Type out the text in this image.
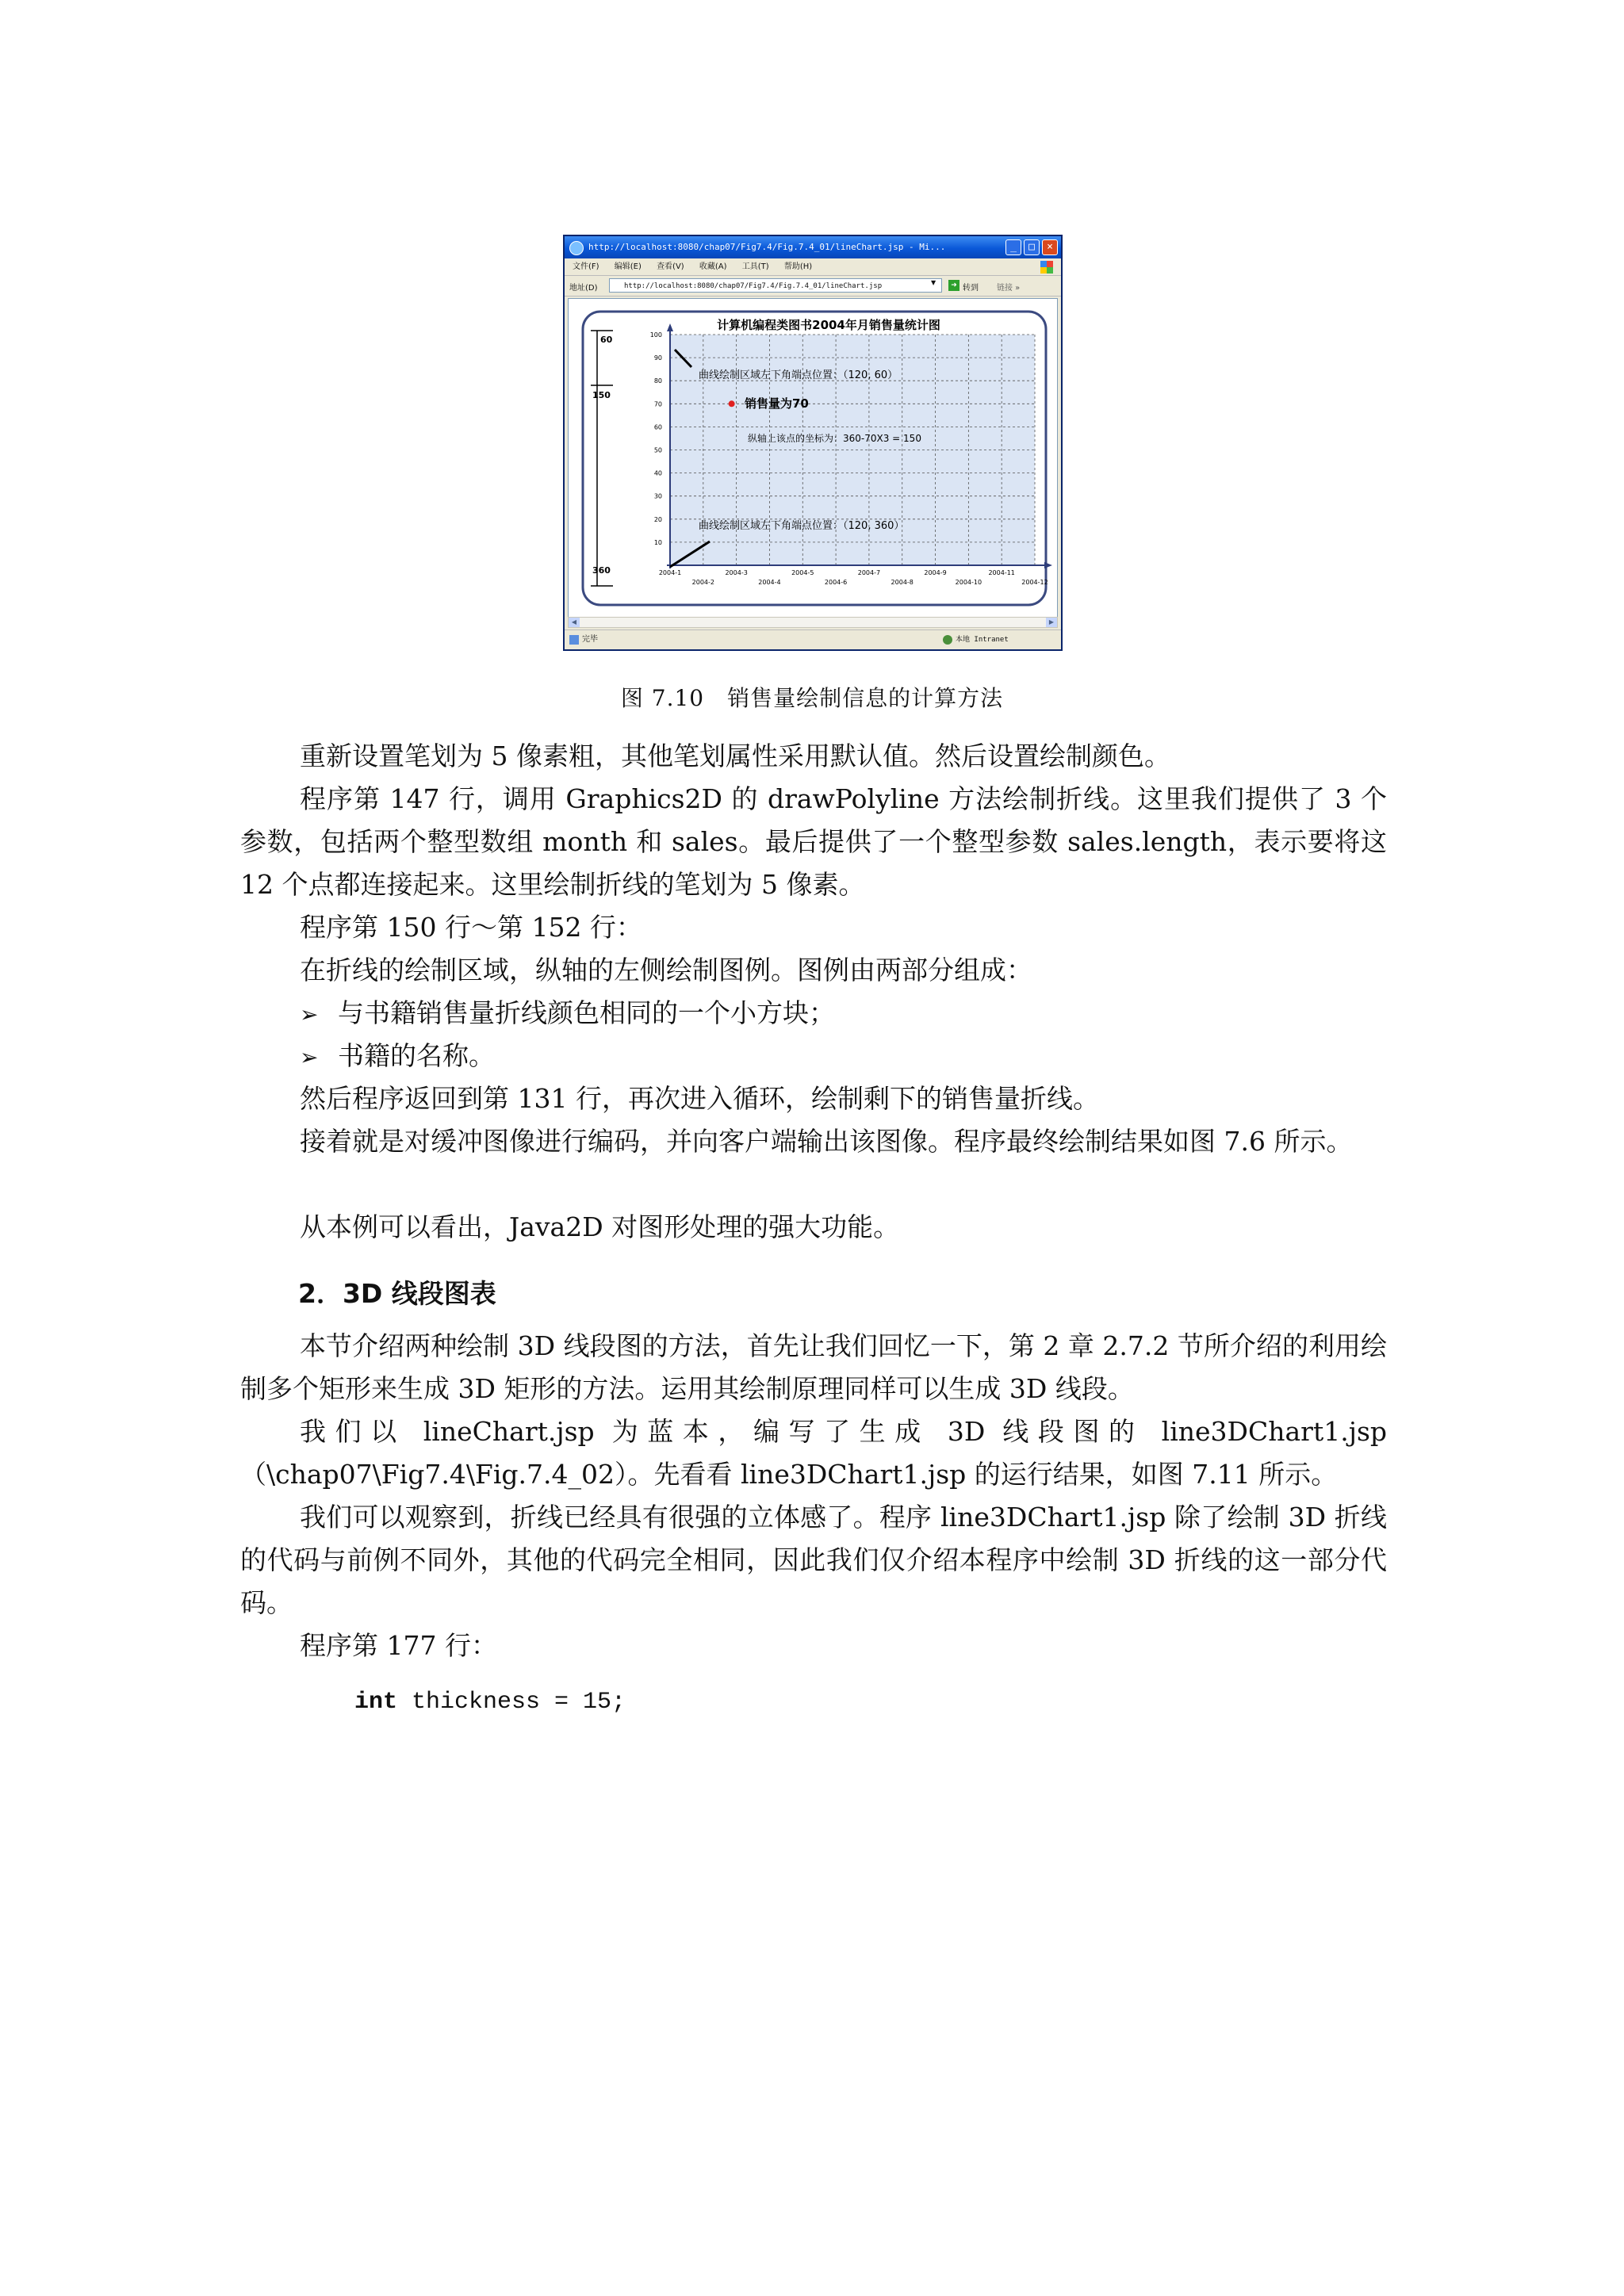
http://localhost:8080/chap07/Fig7.4/Fig.7.4_01/lineChart.jsp - Mi...	_	□	×
文件(F) 编辑(E) 查看(V) 收藏(A) 工具(T) 帮助(H)
地址(D)	http://localhost:8080/chap07/Fig7.4/Fig.7.4_01/lineChart.jsp	▼	➜ 转到 链接 »
100
90
80
70
60
50
40
30
20
10
2004-1
2004-2
2004-3
2004-4
2004-5
2004-6
2004-7
2004-8
2004-9
2004-10
2004-11
2004-12
计算机编程类图书2004年月销售量统计图
60
150
360
曲线绘制区域左下角端点位置：（120, 60）
销售量为70
纵轴上该点的坐标为：360-70X3 = 150
曲线绘制区域左下角端点位置：（120, 360）
◀	▶
完毕	本地 Intranet
图 7.10　销售量绘制信息的计算方法

重新设置笔划为 5 像素粗，其他笔划属性采用默认值。然后设置绘制颜色。

程序第 147 行，调用 Graphics2D 的 drawPolyline 方法绘制折线。这里我们提供了 3 个参数，包括两个整型数组 month 和 sales。最后提供了一个整型参数 sales.length，表示要将这 12 个点都连接起来。这里绘制折线的笔划为 5 像素。

程序第 150 行～第 152 行：

在折线的绘制区域，纵轴的左侧绘制图例。图例由两部分组成：

➢ 与书籍销售量折线颜色相同的一个小方块；

➢ 书籍的名称。

然后程序返回到第 131 行，再次进入循环，绘制剩下的销售量折线。

接着就是对缓冲图像进行编码，并向客户端输出该图像。程序最终绘制结果如图 7.6 所示。

从本例可以看出，Java2D 对图形处理的强大功能。

2．3D 线段图表

本节介绍两种绘制 3D 线段图的方法，首先让我们回忆一下，第 2 章 2.7.2 节所介绍的利用绘制多个矩形来生成 3D 矩形的方法。运用其绘制原理同样可以生成 3D 线段。

我们以 lineChart.jsp 为蓝本，编写了生成 3D 线段图的 line3DChart1.jsp（\chap07\Fig7.4\Fig.7.4_02）。先看看 line3DChart1.jsp 的运行结果，如图 7.11 所示。

我们可以观察到，折线已经具有很强的立体感了。程序 line3DChart1.jsp 除了绘制 3D 折线的代码与前例不同外，其他的代码完全相同，因此我们仅介绍本程序中绘制 3D 折线的这一部分代码。

程序第 177 行：

int thickness = 15;
